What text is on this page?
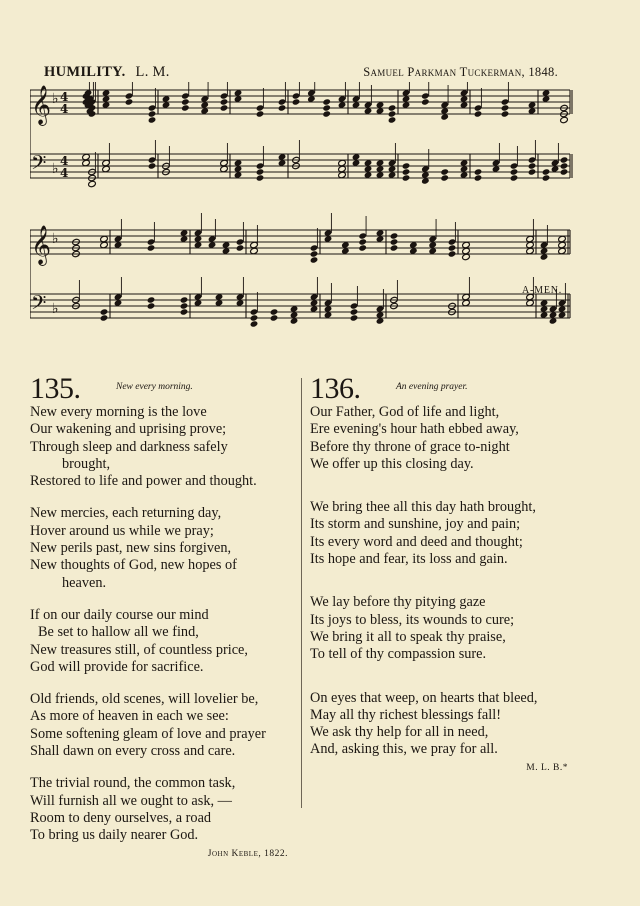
HUMILITY. L. M.	Samuel Parkman Tuckerman, 1848.
𝄞 ♭ 4
4
𝄢 ♭ 4
4
𝄞 ♭
𝄢 ♭
A-MEN.
135.	New every morning.
New every morning is the love
Our wakening and uprising prove;
Through sleep and darkness safely
brought,
Restored to life and power and thought.
New mercies, each returning day,
Hover around us while we pray;
New perils past, new sins forgiven,
New thoughts of God, new hopes of
heaven.
If on our daily course our mind
Be set to hallow all we find,
New treasures still, of countless price,
God will provide for sacrifice.
Old friends, old scenes, will lovelier be,
As more of heaven in each we see:
Some softening gleam of love and prayer
Shall dawn on every cross and care.
The trivial round, the common task,
Will furnish all we ought to ask, —
Room to deny ourselves, a road
To bring us daily nearer God.
John Keble, 1822.
136.	An evening prayer.
Our Father, God of life and light,
Ere evening's hour hath ebbed away,
Before thy throne of grace to-night
We offer up this closing day.
We bring thee all this day hath brought,
Its storm and sunshine, joy and pain;
Its every word and deed and thought;
Its hope and fear, its loss and gain.
We lay before thy pitying gaze
Its joys to bless, its wounds to cure;
We bring it all to speak thy praise,
To tell of thy compassion sure.
On eyes that weep, on hearts that bleed,
May all thy richest blessings fall!
We ask thy help for all in need,
And, asking this, we pray for all.
M. L. B.*
